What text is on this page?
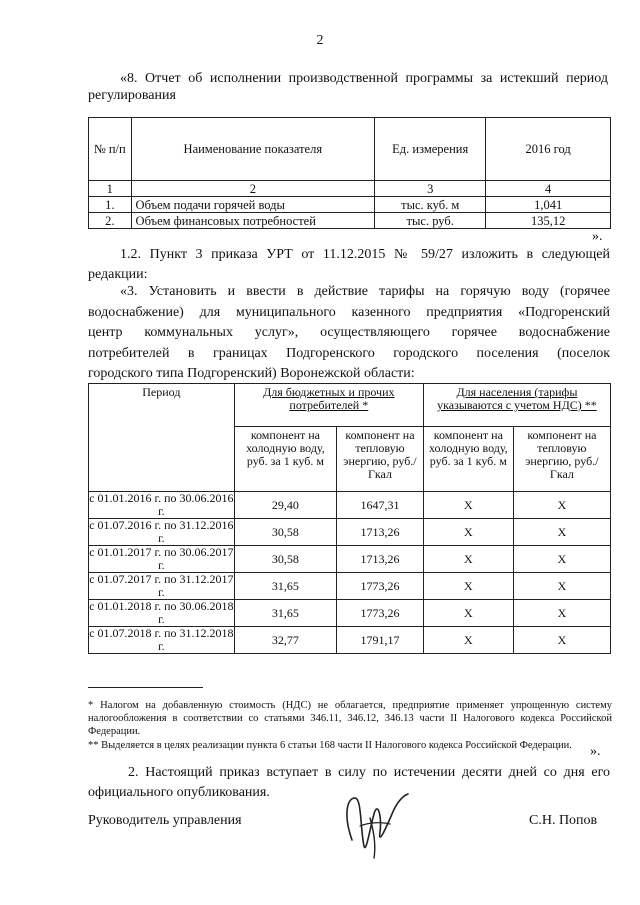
2
«8. Отчет об исполнении производственной программы за истекший период
регулирования
№ п/п	Наименование показателя	Ед. измерения	2016 год
1	2	3	4
1.	Объем подачи горячей воды	тыс. куб. м	1,041
2.	Объем финансовых потребностей	тыс. руб.	135,12
».
1.2. Пункт 3 приказа УРТ от 11.12.2015 № 59/27 изложить в следующей
редакции:
«3. Установить и ввести в действие тарифы на горячую воду (горячее
водоснабжение) для муниципального казенного предприятия «Подгоренский
центр коммунальных услуг», осуществляющего горячее водоснабжение
потребителей в границах Подгоренского городского поселения (поселок
городского типа Подгоренский) Воронежской области:
Период	Для бюджетных и прочих потребителей *		Для населения (тарифы указываются с учетом НДС) **	
	компонент на холодную воду, руб. за 1 куб. м	компонент на тепловую энергию, руб./Гкал	компонент на холодную воду, руб. за 1 куб. м	компонент на тепловую энергию, руб./Гкал
с 01.01.2016 г. по 30.06.2016 г.	29,40	1647,31	Х	Х
с 01.07.2016 г. по 31.12.2016 г.	30,58	1713,26	Х	Х
с 01.01.2017 г. по 30.06.2017 г.	30,58	1713,26	Х	Х
с 01.07.2017 г. по 31.12.2017 г.	31,65	1773,26	Х	Х
с 01.01.2018 г. по 30.06.2018 г.	31,65	1773,26	Х	Х
с 01.07.2018 г. по 31.12.2018 г.	32,77	1791,17	Х	Х

* Налогом на добавленную стоимость (НДС) не облагается, предприятие применяет упрощенную систему налогообложения в соответствии со статьями 346.11, 346.12, 346.13 части II Налогового кодекса Российской Федерации.

** Выделяется в целях реализации пункта 6 статьи 168 части II Налогового кодекса Российской Федерации.	».
2. Настоящий приказ вступает в силу по истечении десяти дней со дня его
официального опубликования.
Руководитель управления	С.Н. Попов
